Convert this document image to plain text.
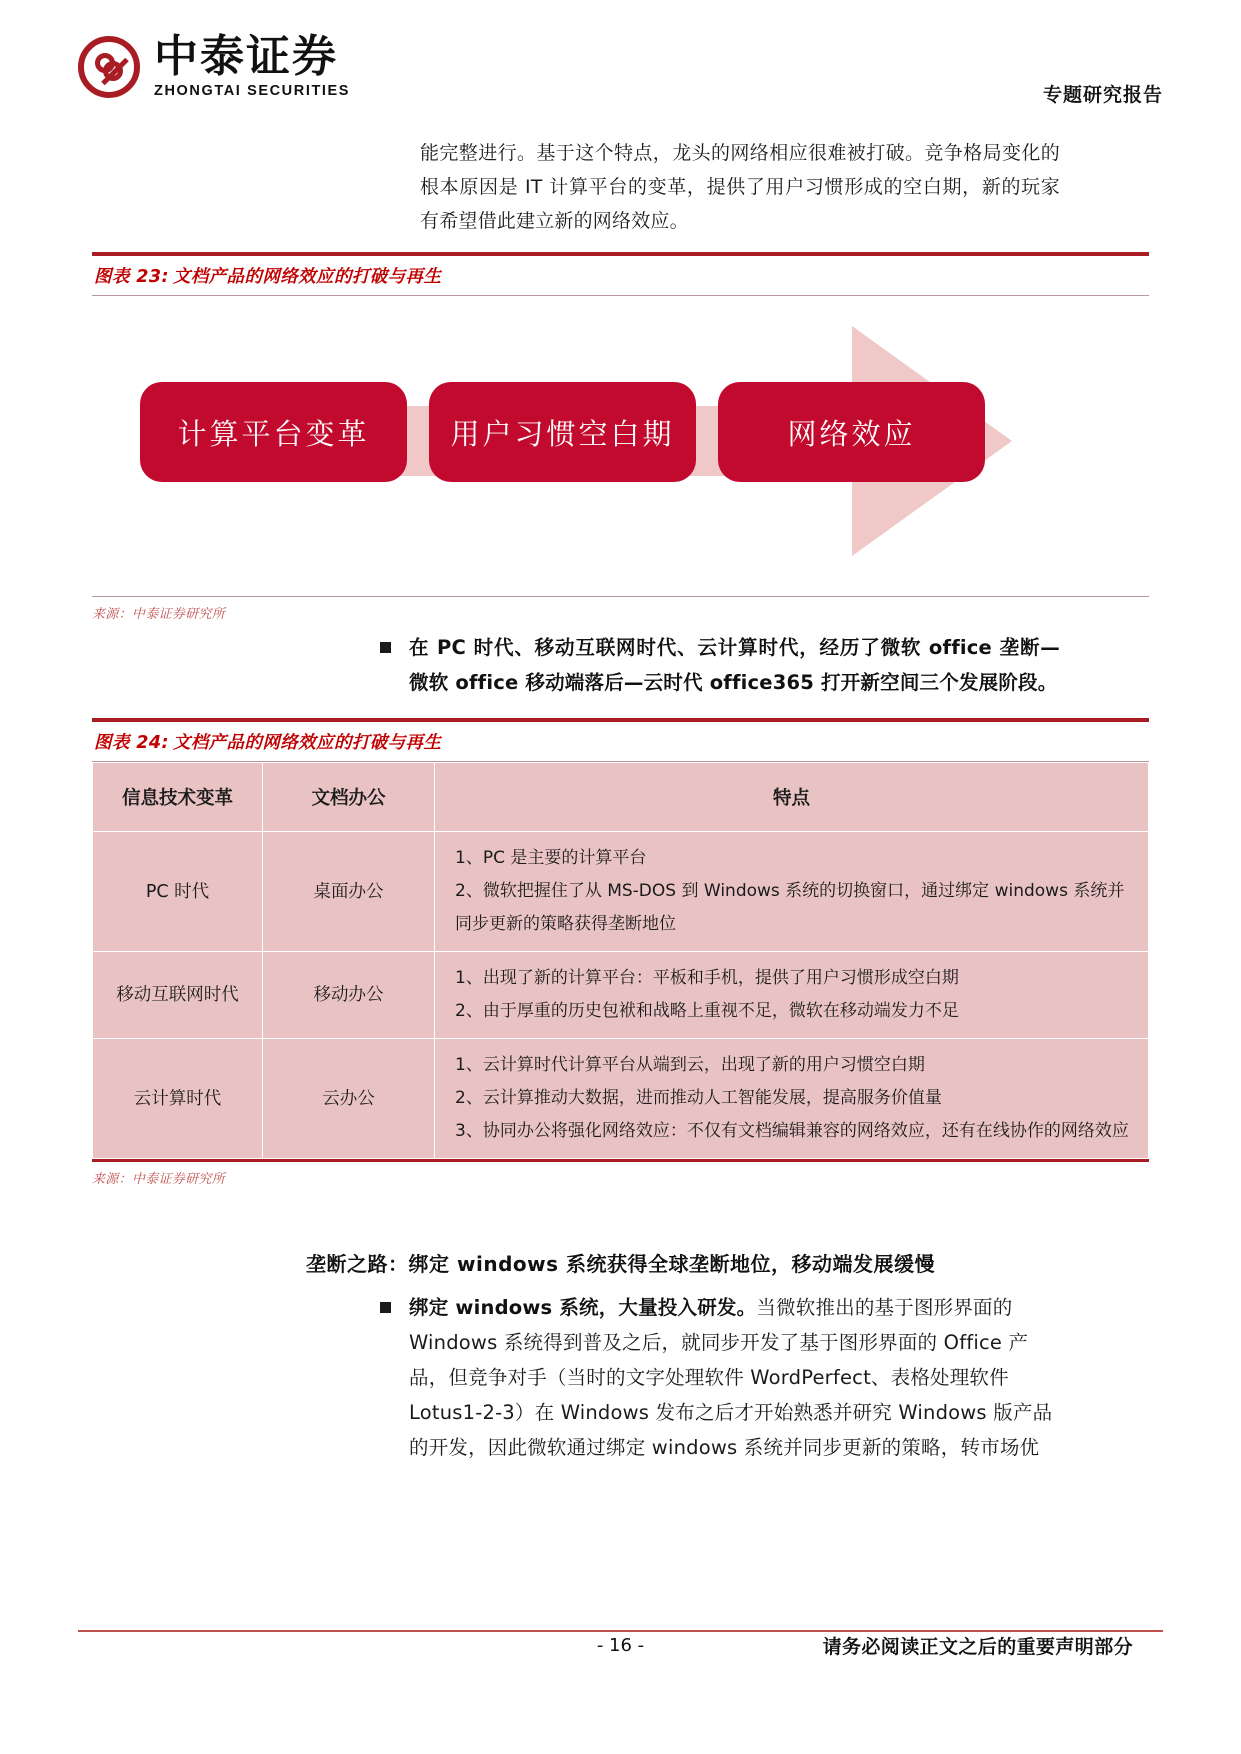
中泰证券
ZHONGTAI SECURITIES	专题研究报告
能完整进行。基于这个特点，龙头的网络相应很难被打破。竞争格局变化的根本原因是 IT 计算平台的变革，提供了用户习惯形成的空白期，新的玩家有希望借此建立新的网络效应。
图表 23: 文档产品的网络效应的打破与再生
计算平台变革	用户习惯空白期	网络效应
来源：中泰证券研究所
在 PC 时代、移动互联网时代、云计算时代，经历了微软 office 垄断—微软 office 移动端落后—云时代 office365 打开新空间三个发展阶段。
图表 24: 文档产品的网络效应的打破与再生
信息技术变革	文档办公	特点
PC 时代	桌面办公	1、PC 是主要的计算平台
2、微软把握住了从 MS-DOS 到 Windows 系统的切换窗口，通过绑定 windows 系统并同步更新的策略获得垄断地位

移动互联网时代	移动办公	1、出现了新的计算平台：平板和手机，提供了用户习惯形成空白期
2、由于厚重的历史包袱和战略上重视不足，微软在移动端发力不足

云计算时代	云办公	1、云计算时代计算平台从端到云，出现了新的用户习惯空白期
2、云计算推动大数据，进而推动人工智能发展，提高服务价值量
3、协同办公将强化网络效应：不仅有文档编辑兼容的网络效应，还有在线协作的网络效应
来源：中泰证券研究所
垄断之路：绑定 windows 系统获得全球垄断地位，移动端发展缓慢
绑定 windows 系统，大量投入研发。当微软推出的基于图形界面的 Windows 系统得到普及之后，就同步开发了基于图形界面的 Office 产品，但竞争对手（当时的文字处理软件 WordPerfect、表格处理软件 Lotus1-2-3）在 Windows 发布之后才开始熟悉并研究 Windows 版产品的开发，因此微软通过绑定 windows 系统并同步更新的策略，转市场优
- 16 -	请务必阅读正文之后的重要声明部分
